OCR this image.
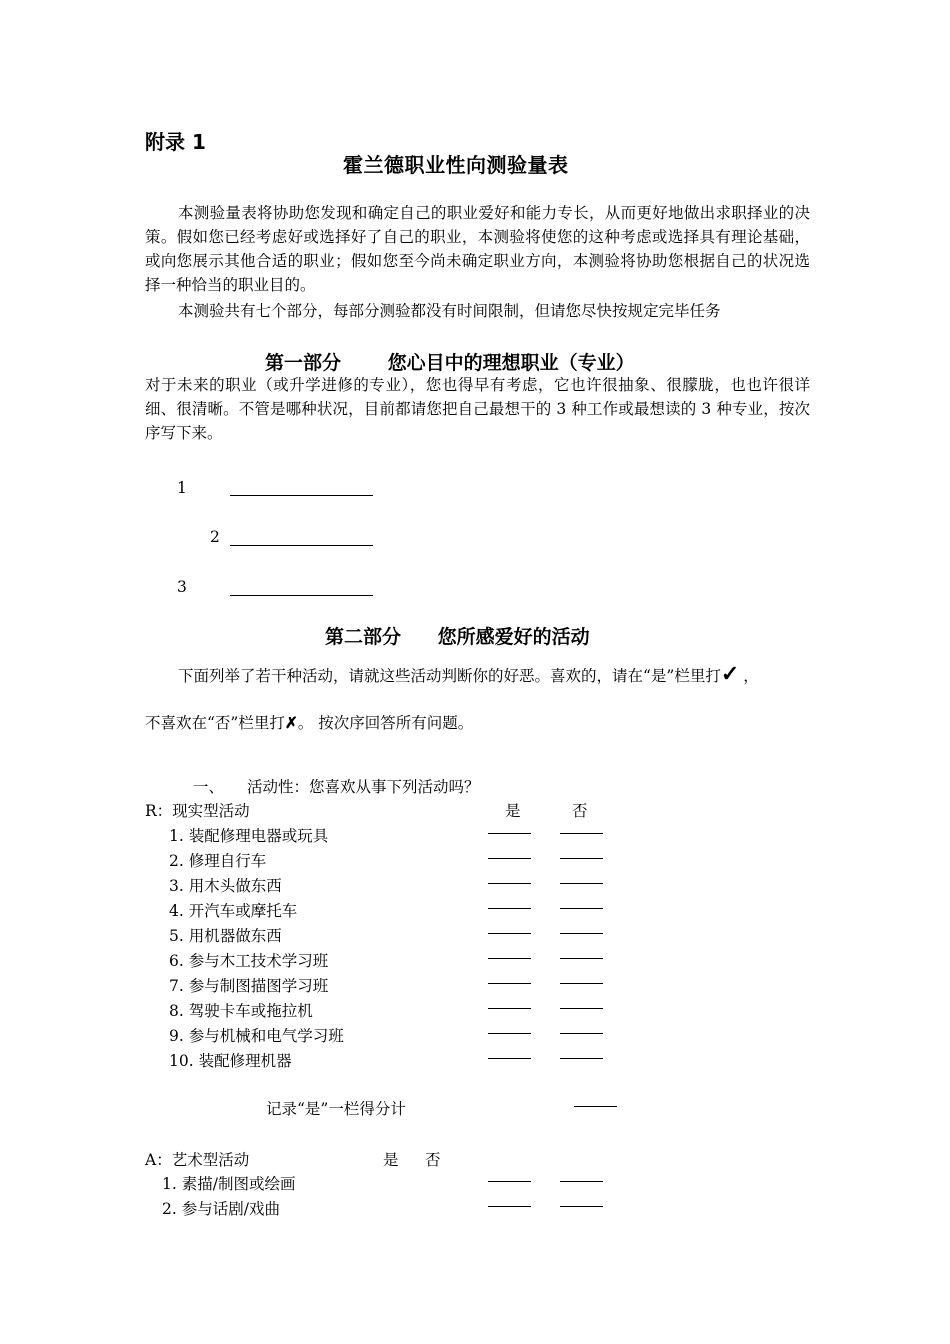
附录 1
霍兰德职业性向测验量表
本测验量表将协助您发现和确定自己的职业爱好和能力专长，从而更好地做出求职择业的决策。假如您已经考虑好或选择好了自己的职业，本测验将使您的这种考虑或选择具有理论基础，或向您展示其他合适的职业；假如您至今尚未确定职业方向，本测验将协助您根据自己的状况选择一种恰当的职业目的。
本测验共有七个部分，每部分测验都没有时间限制，但请您尽快按规定完毕任务
第一部分 您心目中的理想职业（专业）
对于未来的职业（或升学进修的专业），您也得早有考虑，它也许很抽象、很朦胧，也也许很详细、很清晰。不管是哪种状况，目前都请您把自己最想干的 3 种工作或最想读的 3 种专业，按次序写下来。
1
2
3
第二部分 您所感爱好的活动
下面列举了若干种活动，请就这些活动判断你的好恶。喜欢的，请在“是”栏里打✓ ，
不喜欢在“否”栏里打✗。 按次序回答所有问题。
一、 活动性：您喜欢从事下列活动吗？
R：现实型活动	是	否
1. 装配修理电器或玩具
2. 修理自行车
3. 用木头做东西
4. 开汽车或摩托车
5. 用机器做东西
6. 参与木工技术学习班
7. 参与制图描图学习班
8. 驾驶卡车或拖拉机
9. 参与机械和电气学习班
10. 装配修理机器
记录“是”一栏得分计
A：艺术型活动	是 否
1. 素描/制图或绘画
2. 参与话剧/戏曲
